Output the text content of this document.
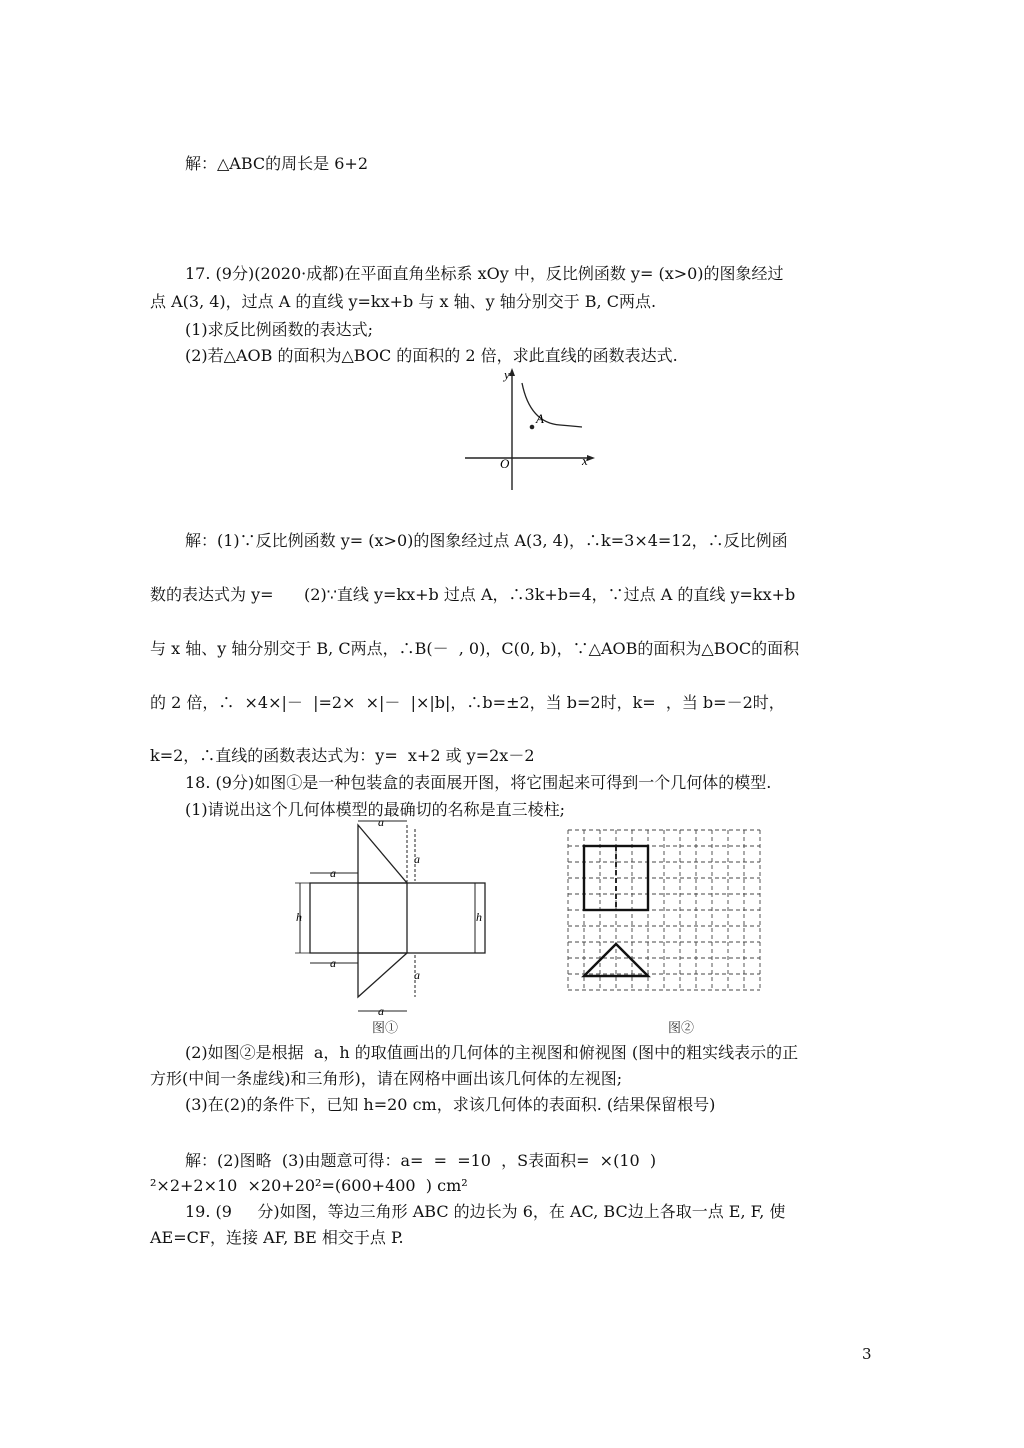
解：△ABC的周长是 6+2
17. (9分)(2020·成都)在平面直角坐标系 xOy 中，反比例函数 y= (x>0)的图象经过
点 A(3, 4)，过点 A 的直线 y=kx+b 与 x 轴、y 轴分别交于 B, C两点.
(1)求反比例函数的表达式;
(2)若△AOB 的面积为△BOC 的面积的 2 倍，求此直线的函数表达式.
y
x
O
A
解：(1)∵反比例函数 y= (x>0)的图象经过点 A(3, 4)，∴k=3×4=12，∴反比例函
数的表达式为 y=      (2)∵直线 y=kx+b 过点 A，∴3k+b=4，∵过点 A 的直线 y=kx+b
与 x 轴、y 轴分别交于 B, C两点，∴B(－  , 0)，C(0, b)，∵△AOB的面积为△BOC的面积
的 2 倍，∴  ×4×|－  |=2×  ×|－  |×|b|，∴b=±2，当 b=2时，k=  ，当 b=－2时，
k=2，∴直线的函数表达式为：y=  x+2 或 y=2x－2
18. (9分)如图①是一种包装盒的表面展开图，将它围起来可得到一个几何体的模型.
(1)请说出这个几何体模型的最确切的名称是直三棱柱;
a
a
a
h	h
a
a
a
图①	图②
(2)如图②是根据  a，h 的取值画出的几何体的主视图和俯视图 (图中的粗实线表示的正
方形(中间一条虚线)和三角形)，请在网格中画出该几何体的左视图;
(3)在(2)的条件下，已知 h=20 cm，求该几何体的表面积. (结果保留根号)
解：(2)图略  (3)由题意可得：a=  =  =10  ，S表面积=  ×(10  )
²×2+2×10  ×20+20²=(600+400  ) cm²
19. (9     分)如图，等边三角形 ABC 的边长为 6，在 AC, BC边上各取一点 E, F, 使
AE=CF，连接 AF, BE 相交于点 P.
3
